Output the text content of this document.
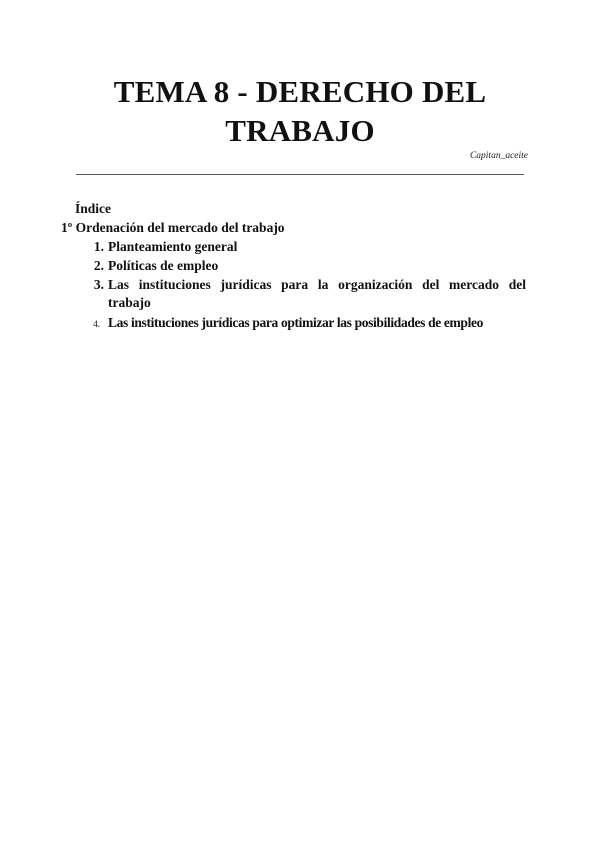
TEMA 8 - DERECHO DEL
TRABAJO
Capitan_aceite
Índice
1º Ordenación del mercado del trabajo
1. Planteamiento general
2. Políticas de empleo
3. Las instituciones jurídicas para la organización del mercado del
trabajo
4. Las instituciones jurídicas para optimizar las posibilidades de empleo
